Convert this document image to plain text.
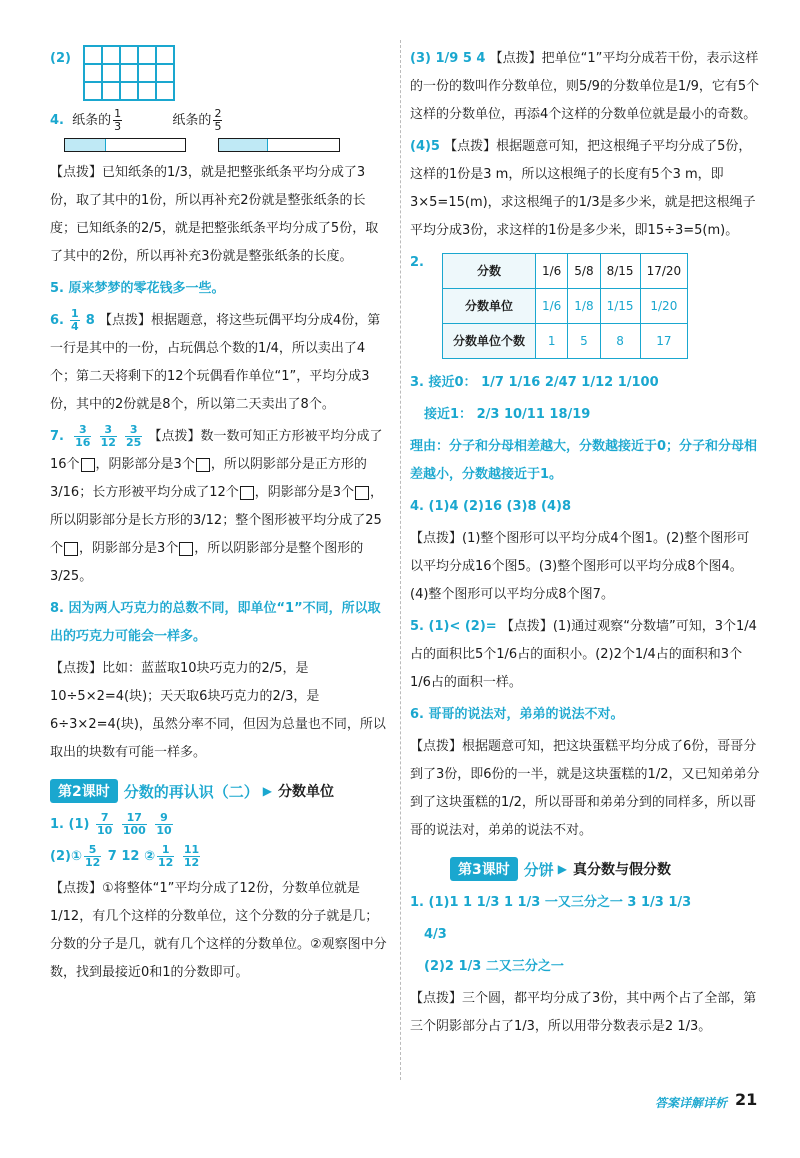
(2)
4. 纸条的 $\frac{1}{3}$	纸条的 $\frac{2}{5}$

【点拨】已知纸条的1/3，就是把整张纸条平均分成了3份，取了其中的1份，所以再补充2份就是整张纸条的长度；已知纸条的2/5，就是把整张纸条平均分成了5份，取了其中的2份，所以再补充3份就是整张纸条的长度。
5. 原来梦梦的零花钱多一些。
6. $\frac{1}{4} 8$ 【点拨】根据题意，将这些玩偶平均分成4份，第一行是其中的一份，占玩偶总个数的1/4，所以卖出了4个；第二天将剩下的12个玩偶看作单位“1”，平均分成3份，其中的2份就是8个，所以第二天卖出了8个。
7. $\frac{3}{16}$
$\frac{3}{12}$
$\frac{3}{25}$ 【点拨】数一数可知正方形被平均分成了16个 ，阴影部分是3个 ，所以阴影部分是正方形的3/16；长方形被平均分成了12个 ，阴影部分是3个 ，所以阴影部分是长方形的3/12；整个图形被平均分成了25个 ，阴影部分是3个 ，所以阴影部分是整个图形的3/25。
8. 因为两人巧克力的总数不同，即单位“1”不同，所以取出的巧克力可能会一样多。
【点拨】比如：蓝蓝取10块巧克力的2/5，是10÷5×2=4(块)；天天取6块巧克力的2/3，是6÷3×2=4(块)，虽然分率不同，但因为总量也不同，所以取出的块数有可能一样多。
第2课时 分数的再认识（二） ▶ 分数单位
1. $(1) \frac{7}{10}$
$\frac{17}{100}$
$\frac{9}{10}$
(2)① $\frac{5}{12} 7$ 12 ② $\frac{1}{12}$
$\frac{11}{12}$
【点拨】①将整体“1”平均分成了12份，分数单位就是1/12，有几个这样的分数单位，这个分数的分子就是几；分数的分子是几，就有几个这样的分数单位。②观察图中分数，找到最接近0和1的分数即可。
(3) 1/9 5 4 【点拨】把单位“1”平均分成若干份，表示这样的一份的数叫作分数单位，则5/9的分数单位是1/9，它有5个这样的分数单位，再添4个这样的分数单位就是最小的奇数。
(4)5 【点拨】根据题意可知，把这根绳子平均分成了5份，这样的1份是3 m，所以这根绳子的长度有5个3 m，即3×5=15(m)，求这根绳子的1/3是多少米，就是把这根绳子平均分成3份，求这样的1份是多少米，即15÷3=5(m)。
2.
分数	1/6	5/8	8/15	17/20
分数单位	1/6	1/8	1/15	1/20
分数单位个数	1	5	8	17
3. 接近0： 1/7 1/16 2/47 1/12 1/100
接近1： 2/3 10/11 18/19
理由：分子和分母相差越大，分数越接近于0；分子和分母相差越小，分数越接近于1。
4. (1)4 (2)16 (3)8 (4)8
【点拨】(1)整个图形可以平均分成4个图1。(2)整个图形可以平均分成16个图5。(3)整个图形可以平均分成8个图4。(4)整个图形可以平均分成8个图7。
5. (1)< (2)= 【点拨】(1)通过观察“分数墙”可知，3个1/4占的面积比5个1/6占的面积小。(2)2个1/4占的面积和3个1/6占的面积一样。
6. 哥哥的说法对，弟弟的说法不对。
【点拨】根据题意可知，把这块蛋糕平均分成了6份，哥哥分到了3份，即6份的一半，就是这块蛋糕的1/2，又已知弟弟分到了这块蛋糕的1/2，所以哥哥和弟弟分到的同样多，所以哥哥的说法对，弟弟的说法不对。
第3课时 分饼 ▶ 真分数与假分数
1. (1)1 1 1/3 1 1/3 一又三分之一 3 1/3 1/3
4/3
(2)2 1/3 二又三分之一
【点拨】三个圆，都平均分成了3份，其中两个占了全部，第三个阴影部分占了1/3，所以用带分数表示是2 1/3。
答案详解详析 21
